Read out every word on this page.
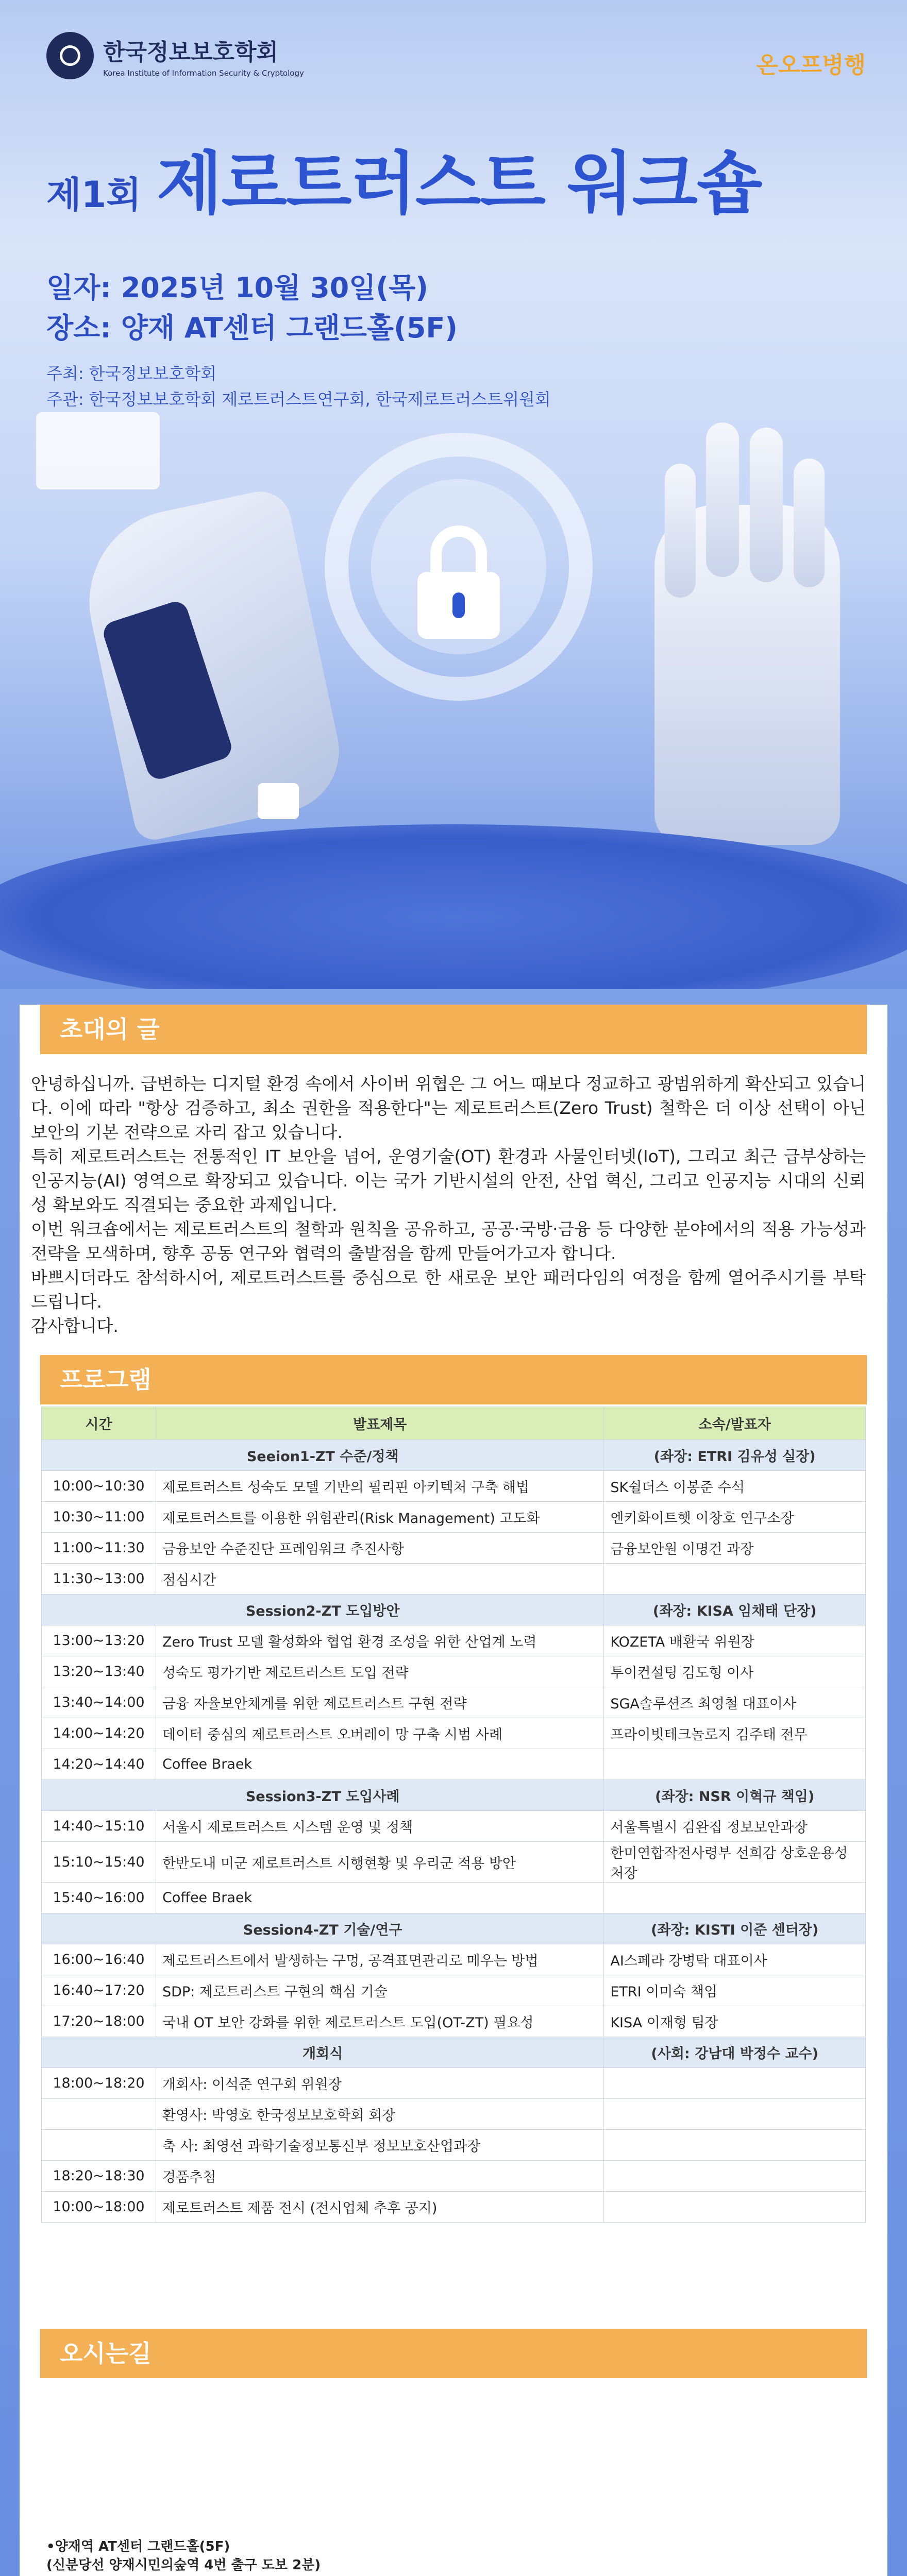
한국정보보호학회
Korea Institute of Information Security & Cryptology	온오프병행
제1회 제로트러스트 워크숍
일자: 2025년 10월 30일(목)
장소: 양재 AT센터 그랜드홀(5F)
주최: 한국정보보호학회
주관: 한국정보보호학회 제로트러스트연구회, 한국제로트러스트위원회
초대의 글
프로그램
오시는길

안녕하십니까. 급변하는 디지털 환경 속에서 사이버 위협은 그 어느 때보다 정교하고 광범위하게 확산되고 있습니다. 이에 따라 "항상 검증하고, 최소 권한을 적용한다"는 제로트러스트(Zero Trust) 철학은 더 이상 선택이 아닌 보안의 기본 전략으로 자리 잡고 있습니다.

특히 제로트러스트는 전통적인 IT 보안을 넘어, 운영기술(OT) 환경과 사물인터넷(IoT), 그리고 최근 급부상하는 인공지능(AI) 영역으로 확장되고 있습니다. 이는 국가 기반시설의 안전, 산업 혁신, 그리고 인공지능 시대의 신뢰성 확보와도 직결되는 중요한 과제입니다.

이번 워크숍에서는 제로트러스트의 철학과 원칙을 공유하고, 공공·국방·금융 등 다양한 분야에서의 적용 가능성과 전략을 모색하며, 향후 공동 연구와 협력의 출발점을 함께 만들어가고자 합니다.

바쁘시더라도 참석하시어, 제로트러스트를 중심으로 한 새로운 보안 패러다임의 여정을 함께 열어주시기를 부탁드립니다.

감사합니다.

시간	발표제목	소속/발표자
Seeion1-ZT 수준/정책		(좌장: ETRI 김유성 실장)
10:00~10:30	제로트러스트 성숙도 모델 기반의 필리핀 아키텍처 구축 해법	SK쉴더스 이봉준 수석
10:30~11:00	제로트러스트를 이용한 위험관리(Risk Management) 고도화	엔키화이트햇 이창호 연구소장
11:00~11:30	금융보안 수준진단 프레임워크 추진사항	금융보안원 이명건 과장
11:30~13:00	점심시간	
Session2-ZT 도입방안		(좌장: KISA 임채태 단장)
13:00~13:20	Zero Trust 모델 활성화와 협업 환경 조성을 위한 산업계 노력	KOZETA 배환국 위원장
13:20~13:40	성숙도 평가기반 제로트러스트 도입 전략	투이컨설팅 김도형 이사
13:40~14:00	금융 자율보안체계를 위한 제로트러스트 구현 전략	SGA솔루션즈 최영철 대표이사
14:00~14:20	데이터 중심의 제로트러스트 오버레이 망 구축 시범 사례	프라이빗테크놀로지 김주태 전무
14:20~14:40	Coffee Braek	
Session3-ZT 도입사례		(좌장: NSR 이혁규 책임)
14:40~15:10	서울시 제로트러스트 시스템 운영 및 정책	서울특별시 김완집 정보보안과장
15:10~15:40	한반도내 미군 제로트러스트 시행현황 및 우리군 적용 방안	한미연합작전사령부 선희감 상호운용성처장
15:40~16:00	Coffee Braek	
Session4-ZT 기술/연구		(좌장: KISTI 이준 센터장)
16:00~16:40	제로트러스트에서 발생하는 구멍, 공격표면관리로 메우는 방법	AI스페라 강병탁 대표이사
16:40~17:20	SDP: 제로트러스트 구현의 핵심 기술	ETRI 이미숙 책임
17:20~18:00	국내 OT 보안 강화를 위한 제로트러스트 도입(OT-ZT) 필요성	KISA 이재형 팀장
개회식		(사회: 강남대 박정수 교수)
18:00~18:20	개회사: 이석준 연구회 위원장	
	환영사: 박영호 한국정보보호학회 회장	
	축 사: 최영선 과학기술정보통신부 정보보호산업과장	
18:20~18:30	경품추첨	
10:00~18:00	제로트러스트 제품 전시 (전시업체 추후 공지)	
•양재역 AT센터 그랜드홀(5F)
(신분당선 양재시민의숲역 4번 출구 도보 2분)
